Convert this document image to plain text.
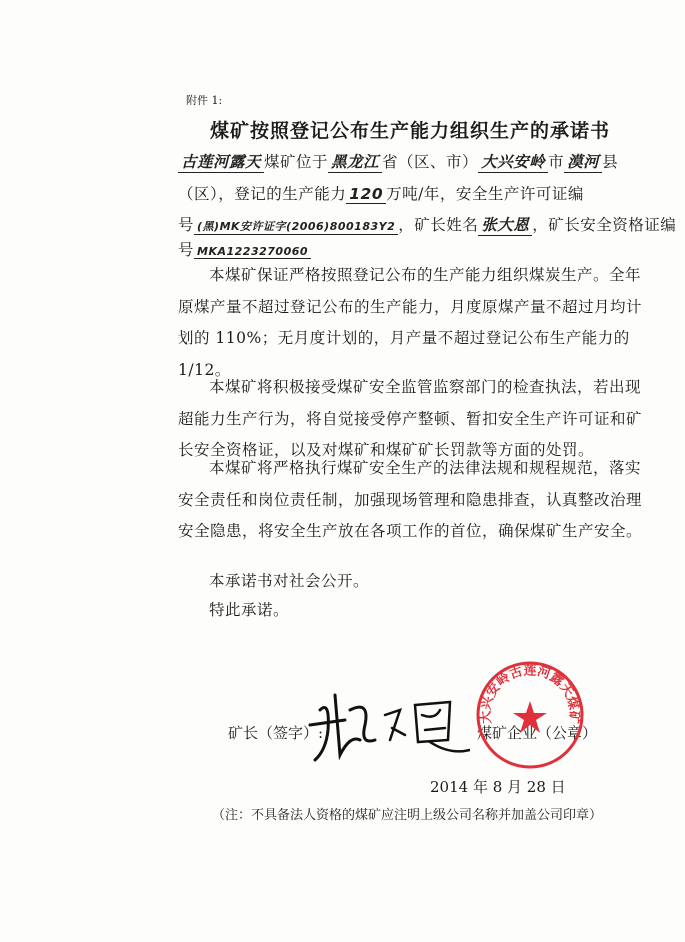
附件 1:
煤矿按照登记公布生产能力组织生产的承诺书
古莲河露天 煤矿位于 黑龙江 省（区、市） 大兴安岭 市 漠河 县
（区），登记的生产能力 120 万吨/年，安全生产许可证编
号 (黑)MK安许证字(2006)800183Y2 ，矿长姓名 张大恩 ，矿长安全资格证编
号 MKA1223270060
本煤矿保证严格按照登记公布的生产能力组织煤炭生产。全年原煤产量不超过登记公布的生产能力，月度原煤产量不超过月均计划的 110%；无月度计划的，月产量不超过登记公布生产能力的 1/12。
本煤矿将积极接受煤矿安全监管监察部门的检查执法，若出现超能力生产行为，将自觉接受停产整顿、暂扣安全生产许可证和矿长安全资格证，以及对煤矿和煤矿矿长罚款等方面的处罚。
本煤矿将严格执行煤矿安全生产的法律法规和规程规范，落实安全责任和岗位责任制，加强现场管理和隐患排查，认真整改治理安全隐患，将安全生产放在各项工作的首位，确保煤矿生产安全。
本承诺书对社会公开。
特此承诺。
矿长（签字）:	煤矿企业（公章）
大兴安岭古莲河露天煤矿
2014 年 8 月 28 日
（注：不具备法人资格的煤矿应注明上级公司名称并加盖公司印章）
